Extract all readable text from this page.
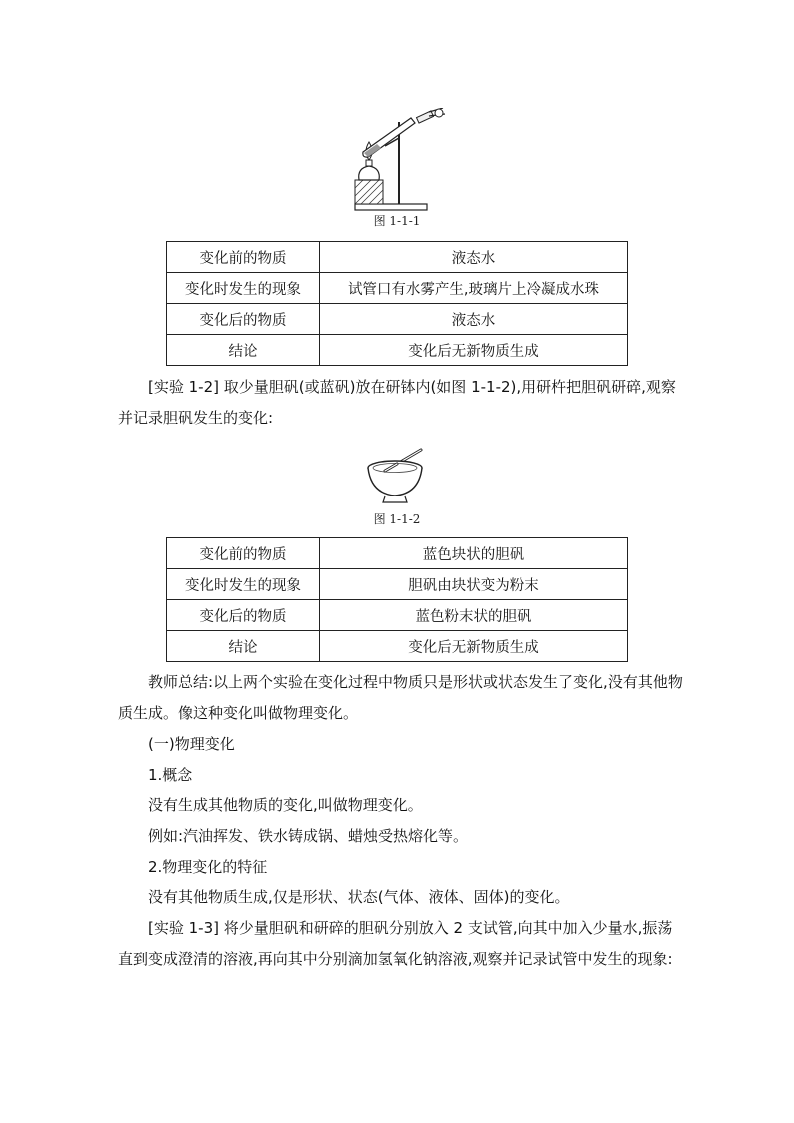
图 1-1-1
变化前的物质	液态水
变化时发生的现象	试管口有水雾产生,玻璃片上冷凝成水珠
变化后的物质	液态水
结论	变化后无新物质生成

[实验 1-2] 取少量胆矾(或蓝矾)放在研钵内(如图 1-1-2),用研杵把胆矾研碎,观察并记录胆矾发生的变化:

图 1-1-2
变化前的物质	蓝色块状的胆矾
变化时发生的现象	胆矾由块状变为粉末
变化后的物质	蓝色粉末状的胆矾
结论	变化后无新物质生成

教师总结:以上两个实验在变化过程中物质只是形状或状态发生了变化,没有其他物质生成。像这种变化叫做物理变化。

(一)物理变化

1.概念

没有生成其他物质的变化,叫做物理变化。

例如:汽油挥发、铁水铸成锅、蜡烛受热熔化等。

2.物理变化的特征

没有其他物质生成,仅是形状、状态(气体、液体、固体)的变化。

[实验 1-3] 将少量胆矾和研碎的胆矾分别放入 2 支试管,向其中加入少量水,振荡直到变成澄清的溶液,再向其中分别滴加氢氧化钠溶液,观察并记录试管中发生的现象:
